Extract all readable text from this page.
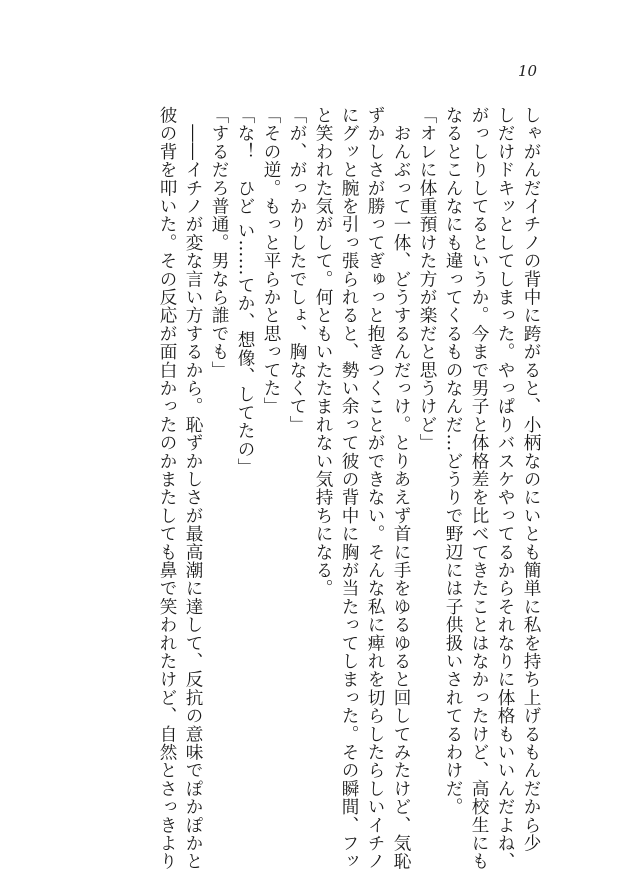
10
しゃがんだイチノの背中に跨がると、小柄なのにいとも簡単に私を持ち上げるもんだから少
しだけドキッとしてしまった。やっぱりバスケやってるからそれなりに体格もいいんだよね、
がっしりしてるというか。今まで男子と体格差を比べてきたことはなかったけど、高校生にも
なるとこんなにも違ってくるものなんだ…どうりで野辺には子供扱いされてるわけだ。
「オレに体重預けた方が楽だと思うけど」
　おんぶって一体、どうするんだっけ。とりあえず首に手をゆるゆると回してみたけど、気恥
ずかしさが勝ってぎゅっと抱きつくことができない。そんな私に痺れを切らしたらしいイチノ
にグッと腕を引っ張られると、勢い余って彼の背中に胸が当たってしまった。その瞬間、フッ
と笑われた気がして。何ともいたたまれない気持ちになる。
「が、がっかりしたでしょ、胸なくて」
「その逆。もっと平らかと思ってた」
「な！　ひど い……てか、想像、してたの」
「するだろ普通。男なら誰でも」
　――イチノが変な言い方するから。恥ずかしさが最高潮に達して、反抗の意味でぽかぽかと
彼の背を叩いた。その反応が面白かったのかまたしても鼻で笑われたけど、自然とさっきより
